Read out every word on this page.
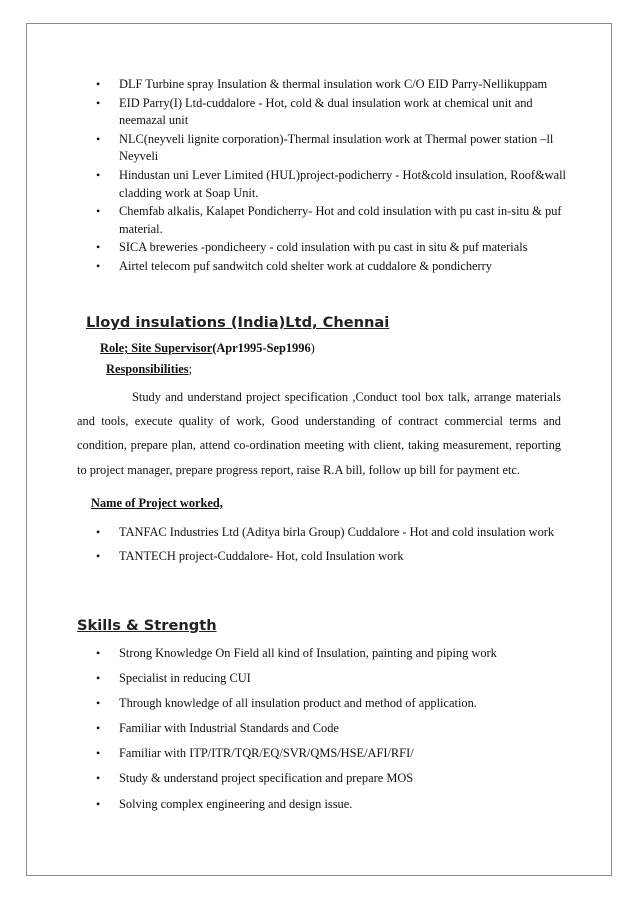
• DLF Turbine spray Insulation & thermal insulation work C/O EID Parry-Nellikuppam
• EID Parry(I) Ltd-cuddalore - Hot, cold & dual insulation work at chemical unit and neemazal unit
• NLC(neyveli lignite corporation)-Thermal insulation work at Thermal power station –ll Neyveli
• Hindustan uni Lever Limited (HUL)project-podicherry - Hot&cold insulation, Roof&wall cladding work at Soap Unit.
• Chemfab alkalis, Kalapet Pondicherry- Hot and cold insulation with pu cast in-situ & puf material.
• SICA breweries -pondicheery - cold insulation with pu cast in situ & puf materials
• Airtel telecom puf sandwitch cold shelter work at cuddalore & pondicherry
Lloyd insulations (India)Ltd, Chennai
Role; Site Supervisor(Apr1995-Sep1996)
Responsibilities;

Study and understand project specification ,Conduct tool box talk, arrange materials and tools, execute quality of work, Good understanding of contract commercial terms and condition, prepare plan, attend co-ordination meeting with client, taking measurement, reporting to project manager, prepare progress report, raise R.A bill, follow up bill for payment etc.

Name of Project worked,
• TANFAC Industries Ltd (Aditya birla Group) Cuddalore - Hot and cold insulation work
• TANTECH project-Cuddalore- Hot, cold Insulation work
Skills & Strength
• Strong Knowledge On Field all kind of Insulation, painting and piping work
• Specialist in reducing CUI
• Through knowledge of all insulation product and method of application.
• Familiar with Industrial Standards and Code
• Familiar with ITP/ITR/TQR/EQ/SVR/QMS/HSE/AFI/RFI/
• Study & understand project specification and prepare MOS
• Solving complex engineering and design issue.
